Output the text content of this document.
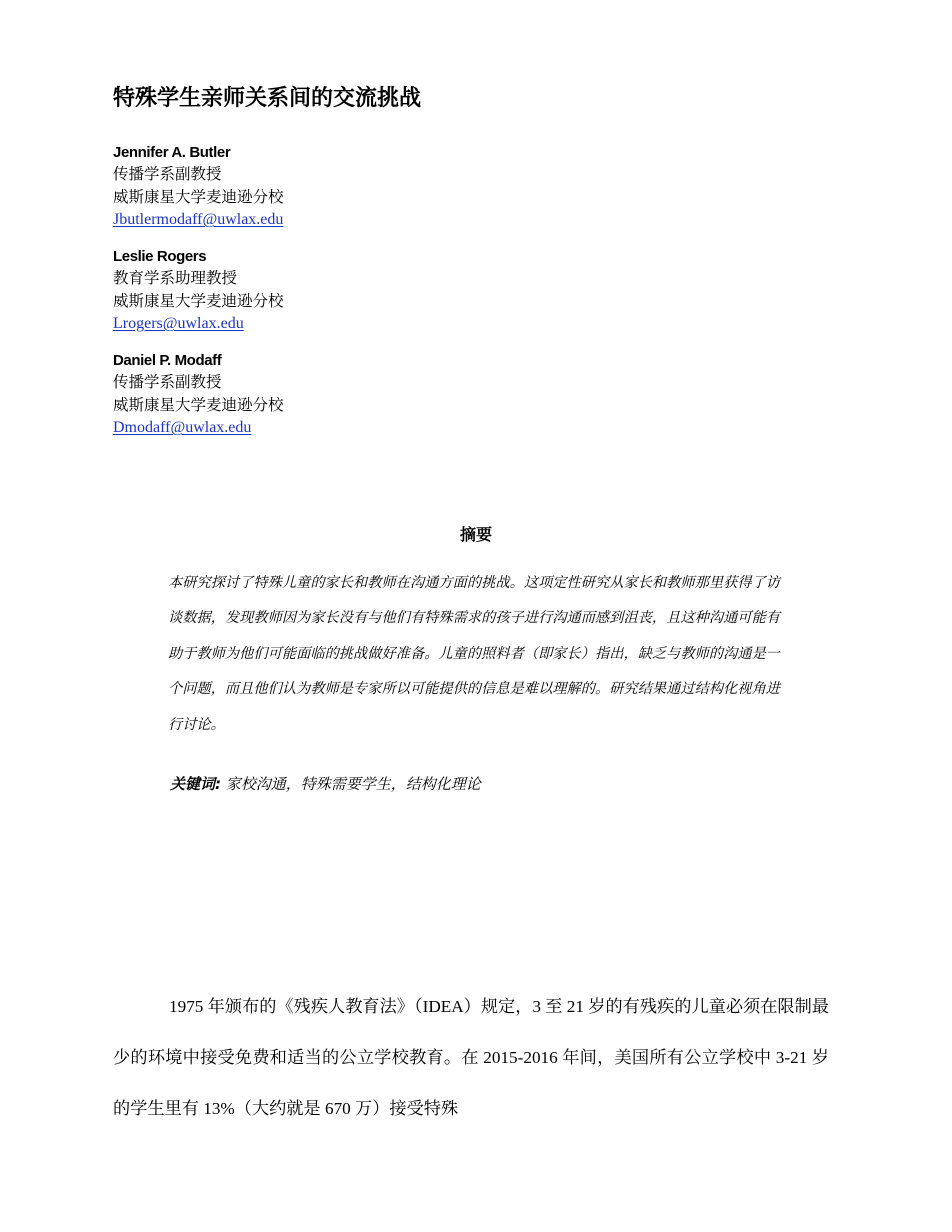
特殊学生亲师关系间的交流挑战
Jennifer A. Butler
传播学系副教授
威斯康星大学麦迪逊分校
Jbutlermodaff@uwlax.edu
Leslie Rogers
教育学系助理教授
威斯康星大学麦迪逊分校
Lrogers@uwlax.edu
Daniel P. Modaff
传播学系副教授
威斯康星大学麦迪逊分校
Dmodaff@uwlax.edu
摘要

本研究探讨了特殊儿童的家长和教师在沟通方面的挑战。这项定性研究从家长和教师那里获得了访谈数据，发现教师因为家长没有与他们有特殊需求的孩子进行沟通而感到沮丧，且这种沟通可能有助于教师为他们可能面临的挑战做好准备。儿童的照料者（即家长）指出，缺乏与教师的沟通是一个问题，而且他们认为教师是专家所以可能提供的信息是难以理解的。研究结果通过结构化视角进行讨论。

关键词: 家校沟通，特殊需要学生，结构化理论

1975 年颁布的《残疾人教育法》（IDEA）规定，3 至 21 岁的有残疾的儿童必须在限制最少的环境中接受免费和适当的公立学校教育。在 2015-2016 年间，美国所有公立学校中 3-21 岁的学生里有 13%（大约就是 670 万）接受特殊
